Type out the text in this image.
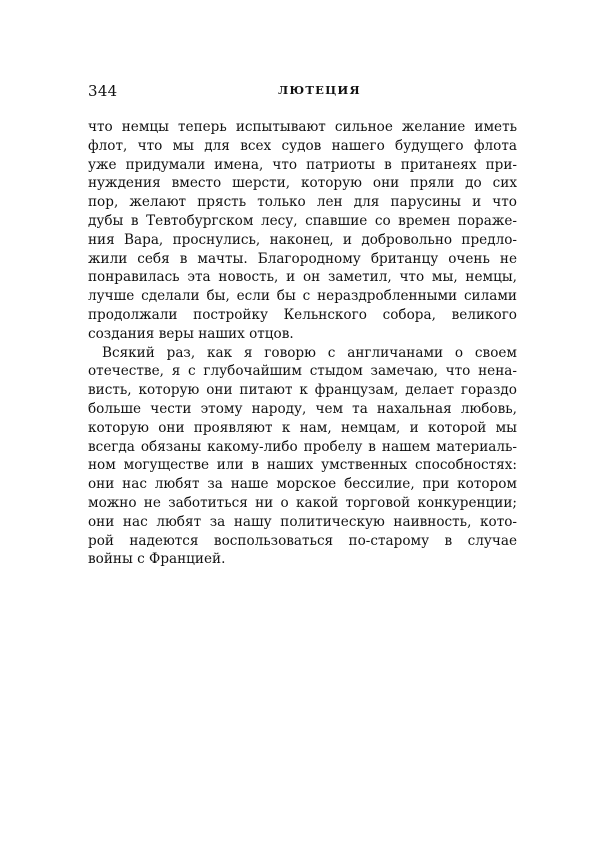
344	ЛЮТЕЦИЯ
что немцы теперь испытывают сильное желание иметь
флот, что мы для всех судов нашего будущего флота
уже придумали имена, что патриоты в пританеях при-
нуждения вместо шерсти, которую они пряли до сих
пор, желают прясть только лен для парусины и что
дубы в Тевтобургском лесу, спавшие со времен пораже-
ния Вара, проснулись, наконец, и добровольно предло-
жили себя в мачты. Благородному британцу очень не
понравилась эта новость, и он заметил, что мы, немцы,
лучше сделали бы, если бы с нераздробленными силами
продолжали постройку Кельнского собора, великого
создания веры наших отцов.
Всякий раз, как я говорю с англичанами о своем
отечестве, я с глубочайшим стыдом замечаю, что нена-
висть, которую они питают к французам, делает гораздо
больше чести этому народу, чем та нахальная любовь,
которую они проявляют к нам, немцам, и которой мы
всегда обязаны какому-либо пробелу в нашем материаль-
ном могуществе или в наших умственных способностях:
они нас любят за наше морское бессилие, при котором
можно не заботиться ни о какой торговой конкуренции;
они нас любят за нашу политическую наивность, кото-
рой надеются воспользоваться по-старому в случае
войны с Францией.
